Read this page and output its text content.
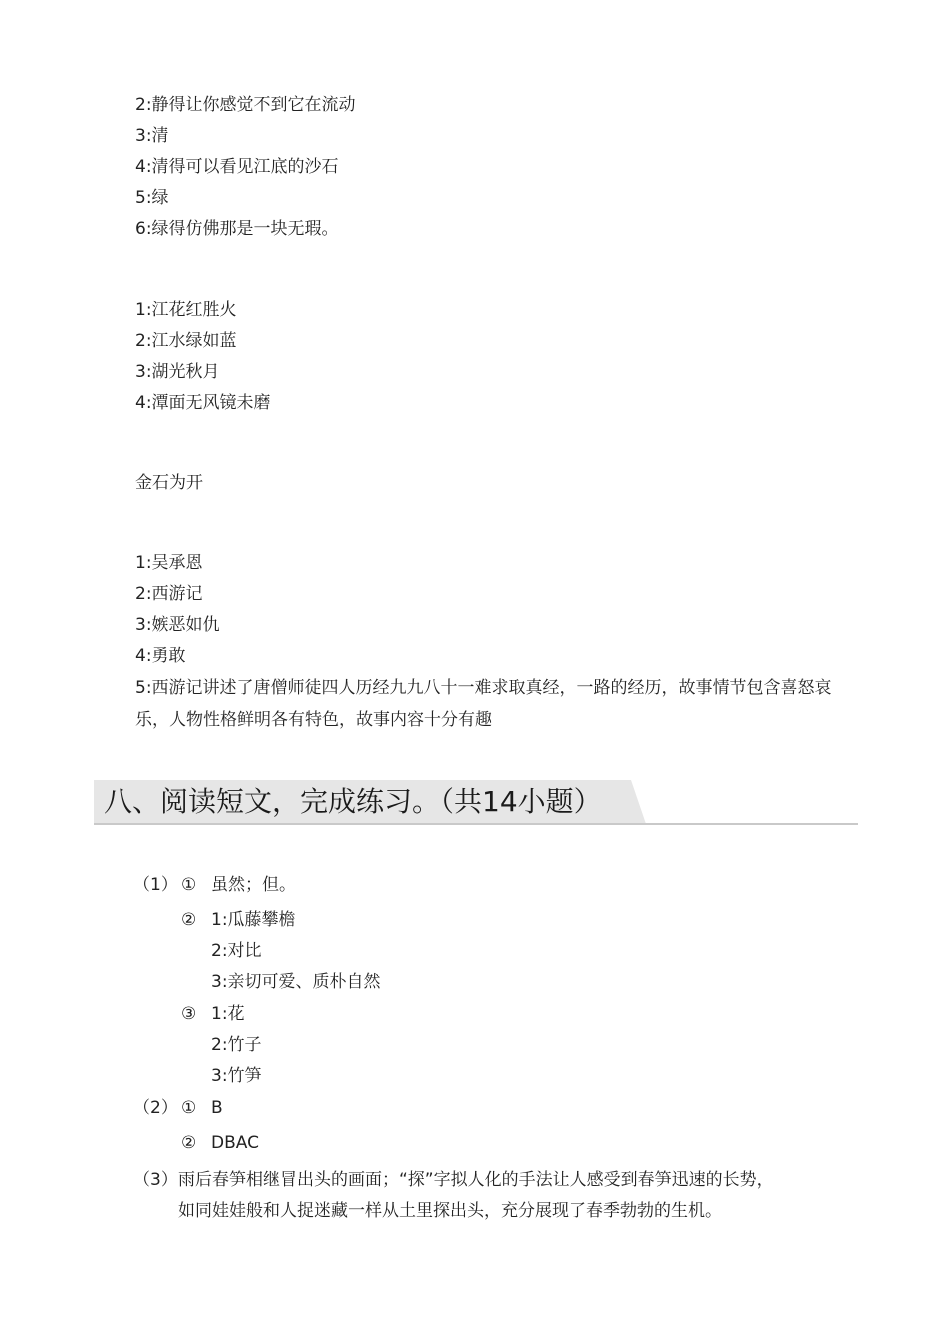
2:静得让你感觉不到它在流动
3:清
4:清得可以看见江底的沙石
5:绿
6:绿得仿佛那是一块无瑕。
1:江花红胜火
2:江水绿如蓝
3:湖光秋月
4:潭面无风镜未磨
金石为开
1:吴承恩
2:西游记
3:嫉恶如仇
4:勇敢
5:西游记讲述了唐僧师徒四人历经九九八十一难求取真经，一路的经历，故事情节包含喜怒哀乐，人物性格鲜明各有特色，故事内容十分有趣
八、阅读短文，完成练习。（共14小题）
（1） ① 虽然；但。
② 1:瓜藤攀檐
2:对比
3:亲切可爱、质朴自然
③ 1:花
2:竹子
3:竹笋
（2） ① B
② DBAC
（3） 雨后春笋相继冒出头的画面；“探”字拟人化的手法让人感受到春笋迅速的长势，
如同娃娃般和人捉迷藏一样从土里探出头，充分展现了春季勃勃的生机。
